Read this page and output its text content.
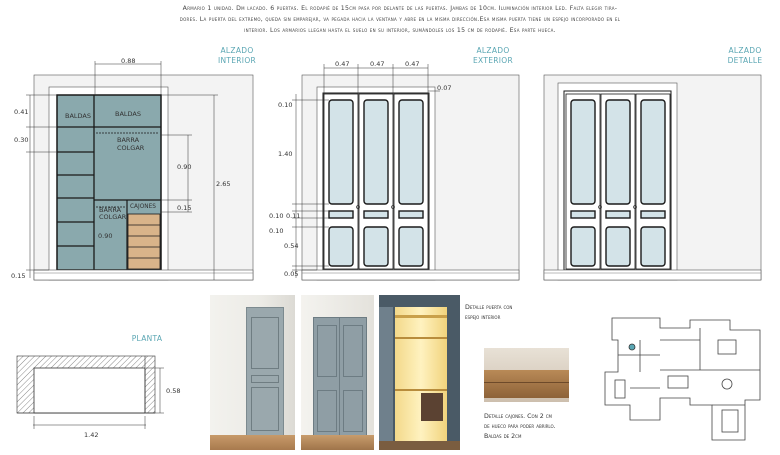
Armario 1 unidad. Dm lacado. 6 puertas. El rodapié de 15cm pasa por delante de las puertas. Jambas de 10cm. Iluminación interior Led. Falta elegir tira-
dores. La puerta del extremo, queda sin emparejar, va pegada hacia la ventana y abre en la misma dirección.Esa misma puerta tiene un espejo incorporado en el
interior. Los armarios llegan hasta el suelo en su interior, sumándoles los 15 cm de rodapié. Esa parte hueca.
ALZADO
INTERIOR
ALZADO
EXTERIOR
ALZADO
DETALLE
PLANTA
0.88
0.41
0.30
0.15
2.65
0.90
0.15
0.90
BALDAS	BALDAS
BARRA
COLGAR
BARRA
COLGAR
CAJONES
0.47	0.47	0.47
0.07
0.10
1.40
0.10 0.11
0.10
0.54
0.05
0.58
1.42
Detalle puerta con
espejo interior
Detalle cajones. Con 2 cm
de hueco para poder abrirlo.
Baldas de 2cm
